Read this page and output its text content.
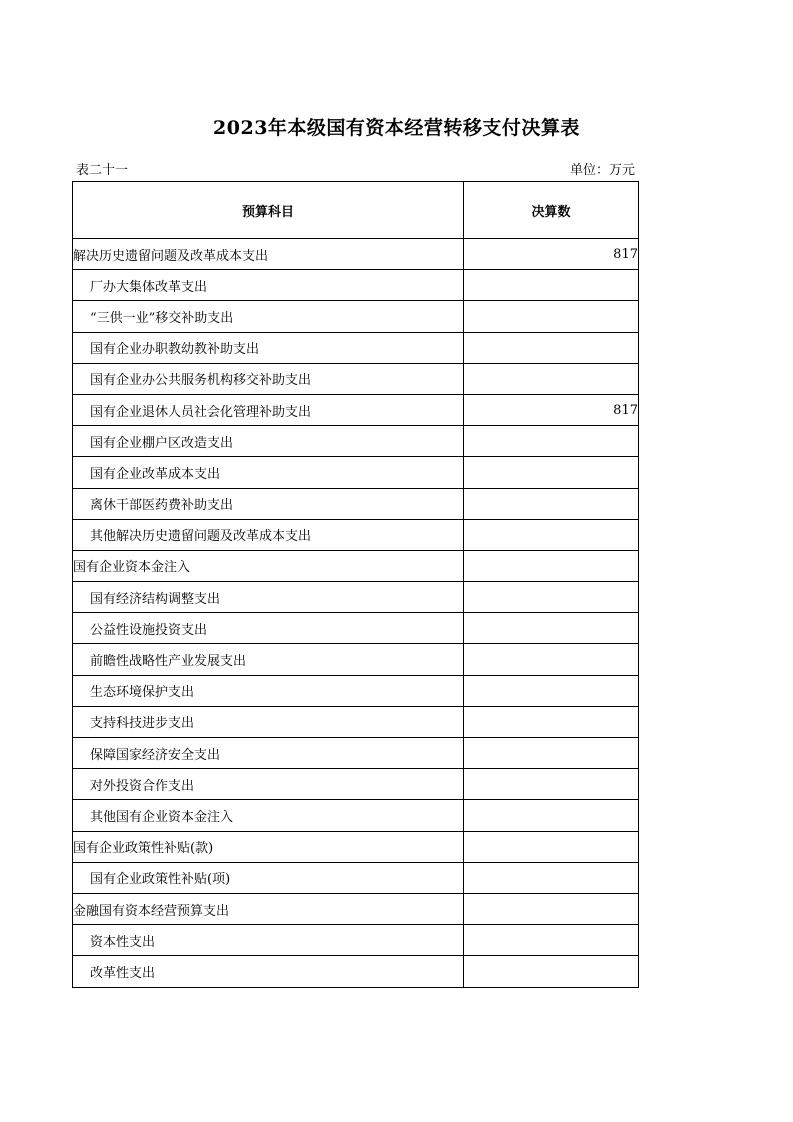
2023年本级国有资本经营转移支付决算表
表二十一	单位：万元
预算科目	决算数
解决历史遗留问题及改革成本支出	817
厂办大集体改革支出	
“三供一业”移交补助支出	
国有企业办职教幼教补助支出	
国有企业办公共服务机构移交补助支出	
国有企业退休人员社会化管理补助支出	817
国有企业棚户区改造支出	
国有企业改革成本支出	
离休干部医药费补助支出	
其他解决历史遗留问题及改革成本支出	
国有企业资本金注入	
国有经济结构调整支出	
公益性设施投资支出	
前瞻性战略性产业发展支出	
生态环境保护支出	
支持科技进步支出	
保障国家经济安全支出	
对外投资合作支出	
其他国有企业资本金注入	
国有企业政策性补贴(款)	
国有企业政策性补贴(项)	
金融国有资本经营预算支出	
资本性支出	
改革性支出	
